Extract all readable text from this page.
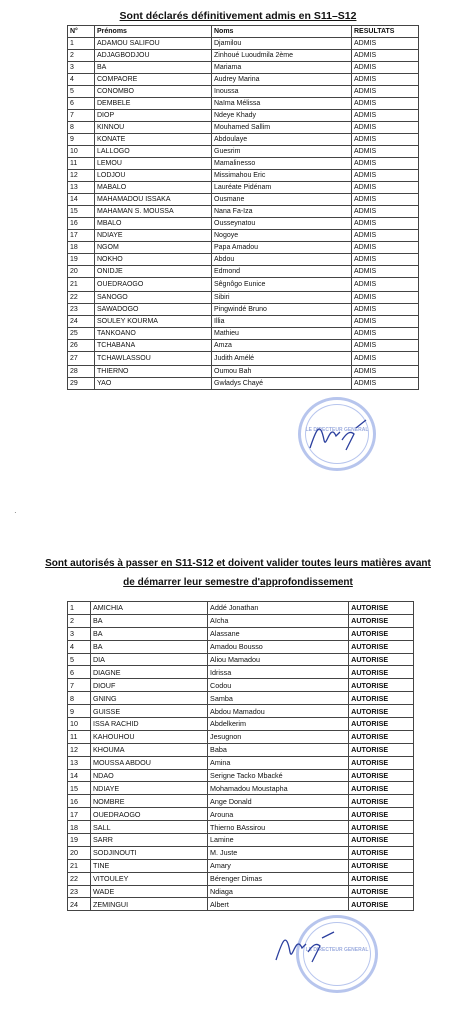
Sont déclarés définitivement admis en S11–S12
N°	Prénoms	Noms	RESULTATS
1	ADAMOU SALIFOU	Djamilou	ADMIS
2	ADJAGBODJOU	Zinhoué Luoudmila 2ème	ADMIS
3	BA	Mariama	ADMIS
4	COMPAORE	Audrey Marina	ADMIS
5	CONOMBO	Inoussa	ADMIS
6	DEMBELE	Naïma Mélissa	ADMIS
7	DIOP	Ndeye Khady	ADMIS
8	KINNOU	Mouhamed Sallim	ADMIS
9	KONATE	Abdoulaye	ADMIS
10	LALLOGO	Guesrim	ADMIS
11	LEMOU	Mamalinesso	ADMIS
12	LODJOU	Missimahou Eric	ADMIS
13	MABALO	Lauréate Pidénam	ADMIS
14	MAHAMADOU ISSAKA	Ousmane	ADMIS
15	MAHAMAN S. MOUSSA	Nana Fa-Iza	ADMIS
16	MBALO	Ousseynatou	ADMIS
17	NDIAYE	Nogoye	ADMIS
18	NGOM	Papa Amadou	ADMIS
19	NOKHO	Abdou	ADMIS
20	ONIDJE	Edmond	ADMIS
21	OUEDRAOGO	Sêgnôgo Eunice	ADMIS
22	SANOGO	Sibiri	ADMIS
23	SAWADOGO	Pingwindé Bruno	ADMIS
24	SOULEY KOURMA	Illia	ADMIS
25	TANKOANO	Mathieu	ADMIS
26	TCHABANA	Amza	ADMIS
27	TCHAWLASSOU	Judith Amélé	ADMIS
28	THIERNO	Oumou Bah	ADMIS
29	YAO	Gwladys Chayé	ADMIS
LE DIRECTEUR GENERAL
·
Sont autorisés à passer en S11-S12 et doivent valider toutes leurs matières avant
de démarrer leur semestre d'approfondissement
1	AMICHIA	Addé Jonathan	AUTORISE
2	BA	Aïcha	AUTORISE
3	BA	Alassane	AUTORISE
4	BA	Amadou Bousso	AUTORISE
5	DIA	Aliou Mamadou	AUTORISE
6	DIAGNE	Idrissa	AUTORISE
7	DIOUF	Codou	AUTORISE
8	GNING	Samba	AUTORISE
9	GUISSE	Abdou Mamadou	AUTORISE
10	ISSA RACHID	Abdelkerim	AUTORISE
11	KAHOUHOU	Jesugnon	AUTORISE
12	KHOUMA	Baba	AUTORISE
13	MOUSSA ABDOU	Amina	AUTORISE
14	NDAO	Serigne Tacko Mbacké	AUTORISE
15	NDIAYE	Mohamadou Moustapha	AUTORISE
16	NOMBRE	Ange Donald	AUTORISE
17	OUEDRAOGO	Arouna	AUTORISE
18	SALL	Thierno BAssirou	AUTORISE
19	SARR	Lamine	AUTORISE
20	SODJINOUTI	M. Juste	AUTORISE
21	TINE	Amary	AUTORISE
22	VITOULEY	Bérenger Dimas	AUTORISE
23	WADE	Ndiaga	AUTORISE
24	ZEMINGUI	Albert	AUTORISE
LE DIRECTEUR GENERAL
